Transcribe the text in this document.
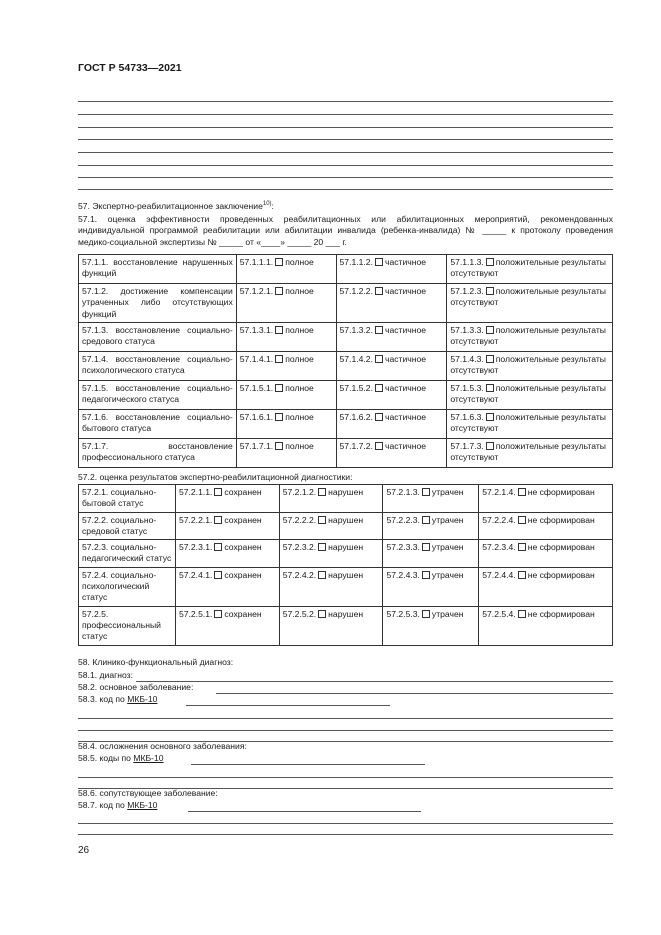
ГОСТ Р 54733—2021
57. Экспертно-реабилитационное заключение$^{10)}$:
57.1. оценка эффективности проведенных реабилитационных или абилитационных мероприятий, рекомендованных индивидуальной программой реабилитации или абилитации инвалида (ребенка-инвалида) № _____ к протоколу проведения медико-социальной экспертизы № _____ от «____» _____ 20 ___ г.
57.1.1. восстановление нарушенных функций	57.1.1.1. полное	57.1.1.2. частичное	57.1.1.3. положительные результаты отсутствуют
57.1.2. достижение компенсации утраченных либо отсутствующих функций	57.1.2.1. полное	57.1.2.2. частичное	57.1.2.3. положительные результаты отсутствуют
57.1.3. восстановление социально-средового статуса	57.1.3.1. полное	57.1.3.2. частичное	57.1.3.3. положительные результаты отсутствуют
57.1.4. восстановление социально-психологического статуса	57.1.4.1. полное	57.1.4.2. частичное	57.1.4.3. положительные результаты отсутствуют
57.1.5. восстановление социально-педагогического статуса	57.1.5.1. полное	57.1.5.2. частичное	57.1.5.3. положительные результаты отсутствуют
57.1.6. восстановление социально-бытового статуса	57.1.6.1. полное	57.1.6.2. частичное	57.1.6.3. положительные результаты отсутствуют
57.1.7. восстановление профессионального статуса	57.1.7.1. полное	57.1.7.2. частичное	57.1.7.3. положительные результаты отсутствуют
57.2. оценка результатов экспертно-реабилитационной диагностики:
57.2.1. социально-бытовой статус	57.2.1.1. сохранен	57.2.1.2. нарушен	57.2.1.3. утрачен	57.2.1.4. не сформирован
57.2.2. социально-средовой статус	57.2.2.1. сохранен	57.2.2.2. нарушен	57.2.2.3. утрачен	57.2.2.4. не сформирован
57.2.3. социально-педагогический статус	57.2.3.1. сохранен	57.2.3.2. нарушен	57.2.3.3. утрачен	57.2.3.4. не сформирован
57.2.4. социально-психологический статус	57.2.4.1. сохранен	57.2.4.2. нарушен	57.2.4.3. утрачен	57.2.4.4. не сформирован
57.2.5. профессиональный статус	57.2.5.1. сохранен	57.2.5.2. нарушен	57.2.5.3. утрачен	57.2.5.4. не сформирован
58. Клинико-функциональный диагноз:
58.1. диагноз:
58.2. основное заболевание:
58.3. код по МКБ-10
58.4. осложнения основного заболевания:
58.5. коды по МКБ-10
58.6. сопутствующее заболевание:
58.7. код по МКБ-10
26
